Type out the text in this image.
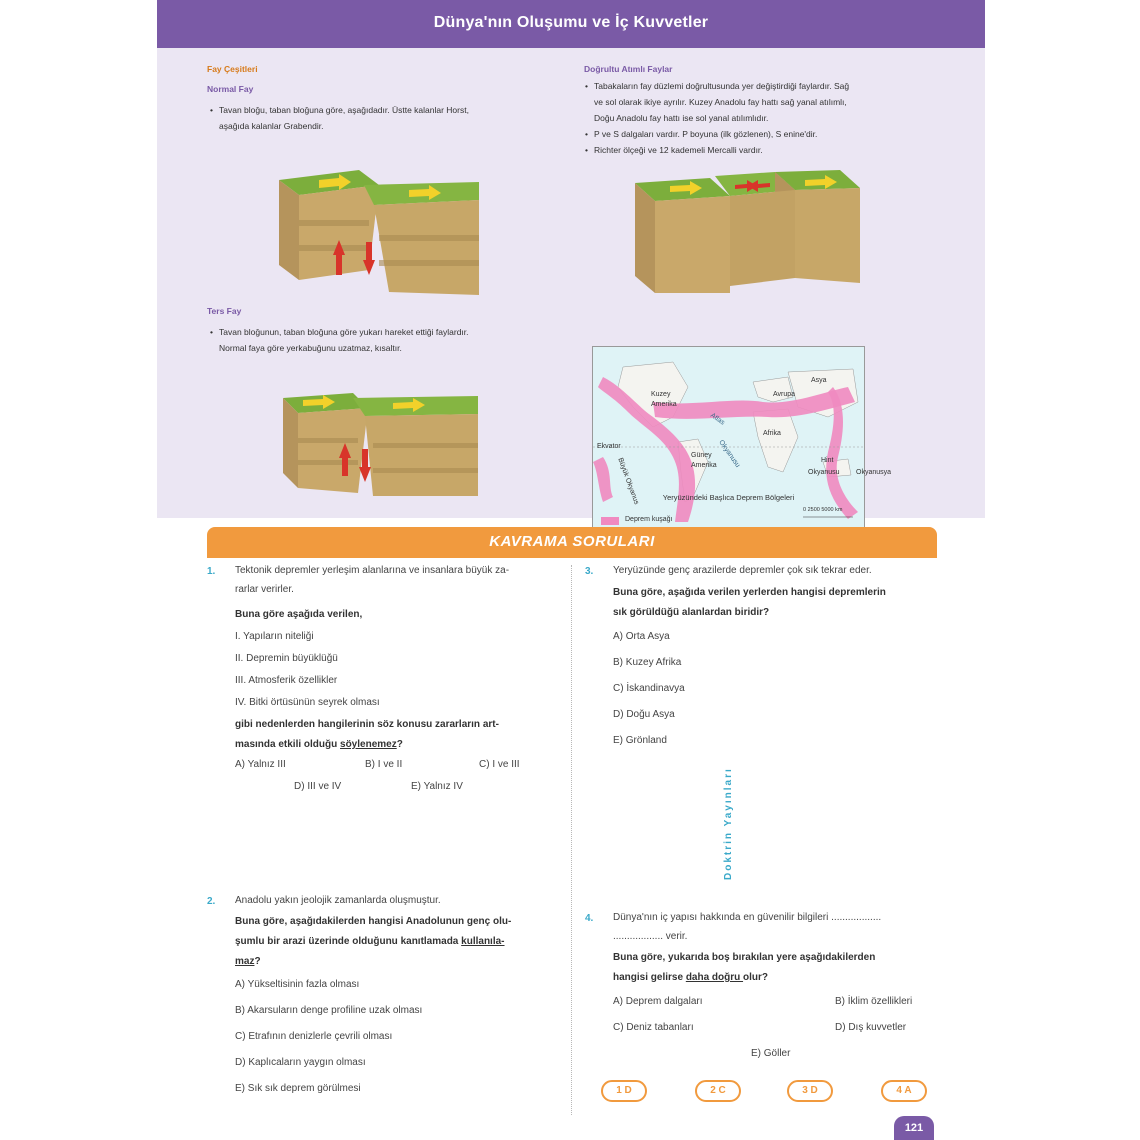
Dünya'nın Oluşumu ve İç Kuvvetler
Fay Çeşitleri
Normal Fay
• Tavan bloğu, taban bloğuna göre, aşağıdadır. Üstte kalanlar Horst,
aşağıda kalanlar Grabendir.
Ters Fay
• Tavan bloğunun, taban bloğuna göre yukarı hareket ettiği faylardır.
Normal faya göre yerkabuğunu uzatmaz, kısaltır.
Doğrultu Atımlı Faylar
• Tabakaların fay düzlemi doğrultusunda yer değiştirdiği faylardır. Sağ
ve sol olarak ikiye ayrılır. Kuzey Anadolu fay hattı sağ yanal atılımlı,
Doğu Anadolu fay hattı ise sol yanal atılımlıdır.
• P ve S dalgaları vardır. P boyuna (ilk gözlenen), S enine'dir.
• Richter ölçeği ve 12 kademeli Mercalli vardır.
Kuzey
Amerika
Avrupa
Afrika
Asya
Ekvator
Güney
Amerika
Büyük Okyanus
Atlas
Okyanusu	Hint
Okyanusu Okyanusya
Deprem kuşağı
0 2500 5000 km
Yeryüzündeki Başlıca Deprem Bölgeleri
KAVRAMA SORULARI
Doktrin Yayınları
1. Tektonik depremler yerleşim alanlarına ve insanlara büyük za-
rarlar verirler.
Buna göre aşağıda verilen,
I. Yapıların niteliği
II. Depremin büyüklüğü
III. Atmosferik özellikler
IV. Bitki örtüsünün seyrek olması
gibi nedenlerden hangilerinin söz konusu zararların art-
masında etkili olduğu söylenemez?
A) Yalnız III	B) I ve II	C) I ve III
D) III ve IV	E) Yalnız IV
2. Anadolu yakın jeolojik zamanlarda oluşmuştur.
Buna göre, aşağıdakilerden hangisi Anadolunun genç olu-
şumlu bir arazi üzerinde olduğunu kanıtlamada kullanıla-
maz?
A) Yükseltisinin fazla olması
B) Akarsuların denge profiline uzak olması
C) Etrafının denizlerle çevrili olması
D) Kaplıcaların yaygın olması
E) Sık sık deprem görülmesi
3. Yeryüzünde genç arazilerde depremler çok sık tekrar eder.
Buna göre, aşağıda verilen yerlerden hangisi depremlerin
sık görüldüğü alanlardan biridir?
A) Orta Asya
B) Kuzey Afrika
C) İskandinavya
D) Doğu Asya
E) Grönland
4. Dünya'nın iç yapısı hakkında en güvenilir bilgileri ..................
.................. verir.
Buna göre, yukarıda boş bırakılan yere aşağıdakilerden
hangisi gelirse daha doğru olur?
A) Deprem dalgaları	B) İklim özellikleri
C) Deniz tabanları	D) Dış kuvvetler
E) Göller
1 D	2 C	3 D	4 A
121
